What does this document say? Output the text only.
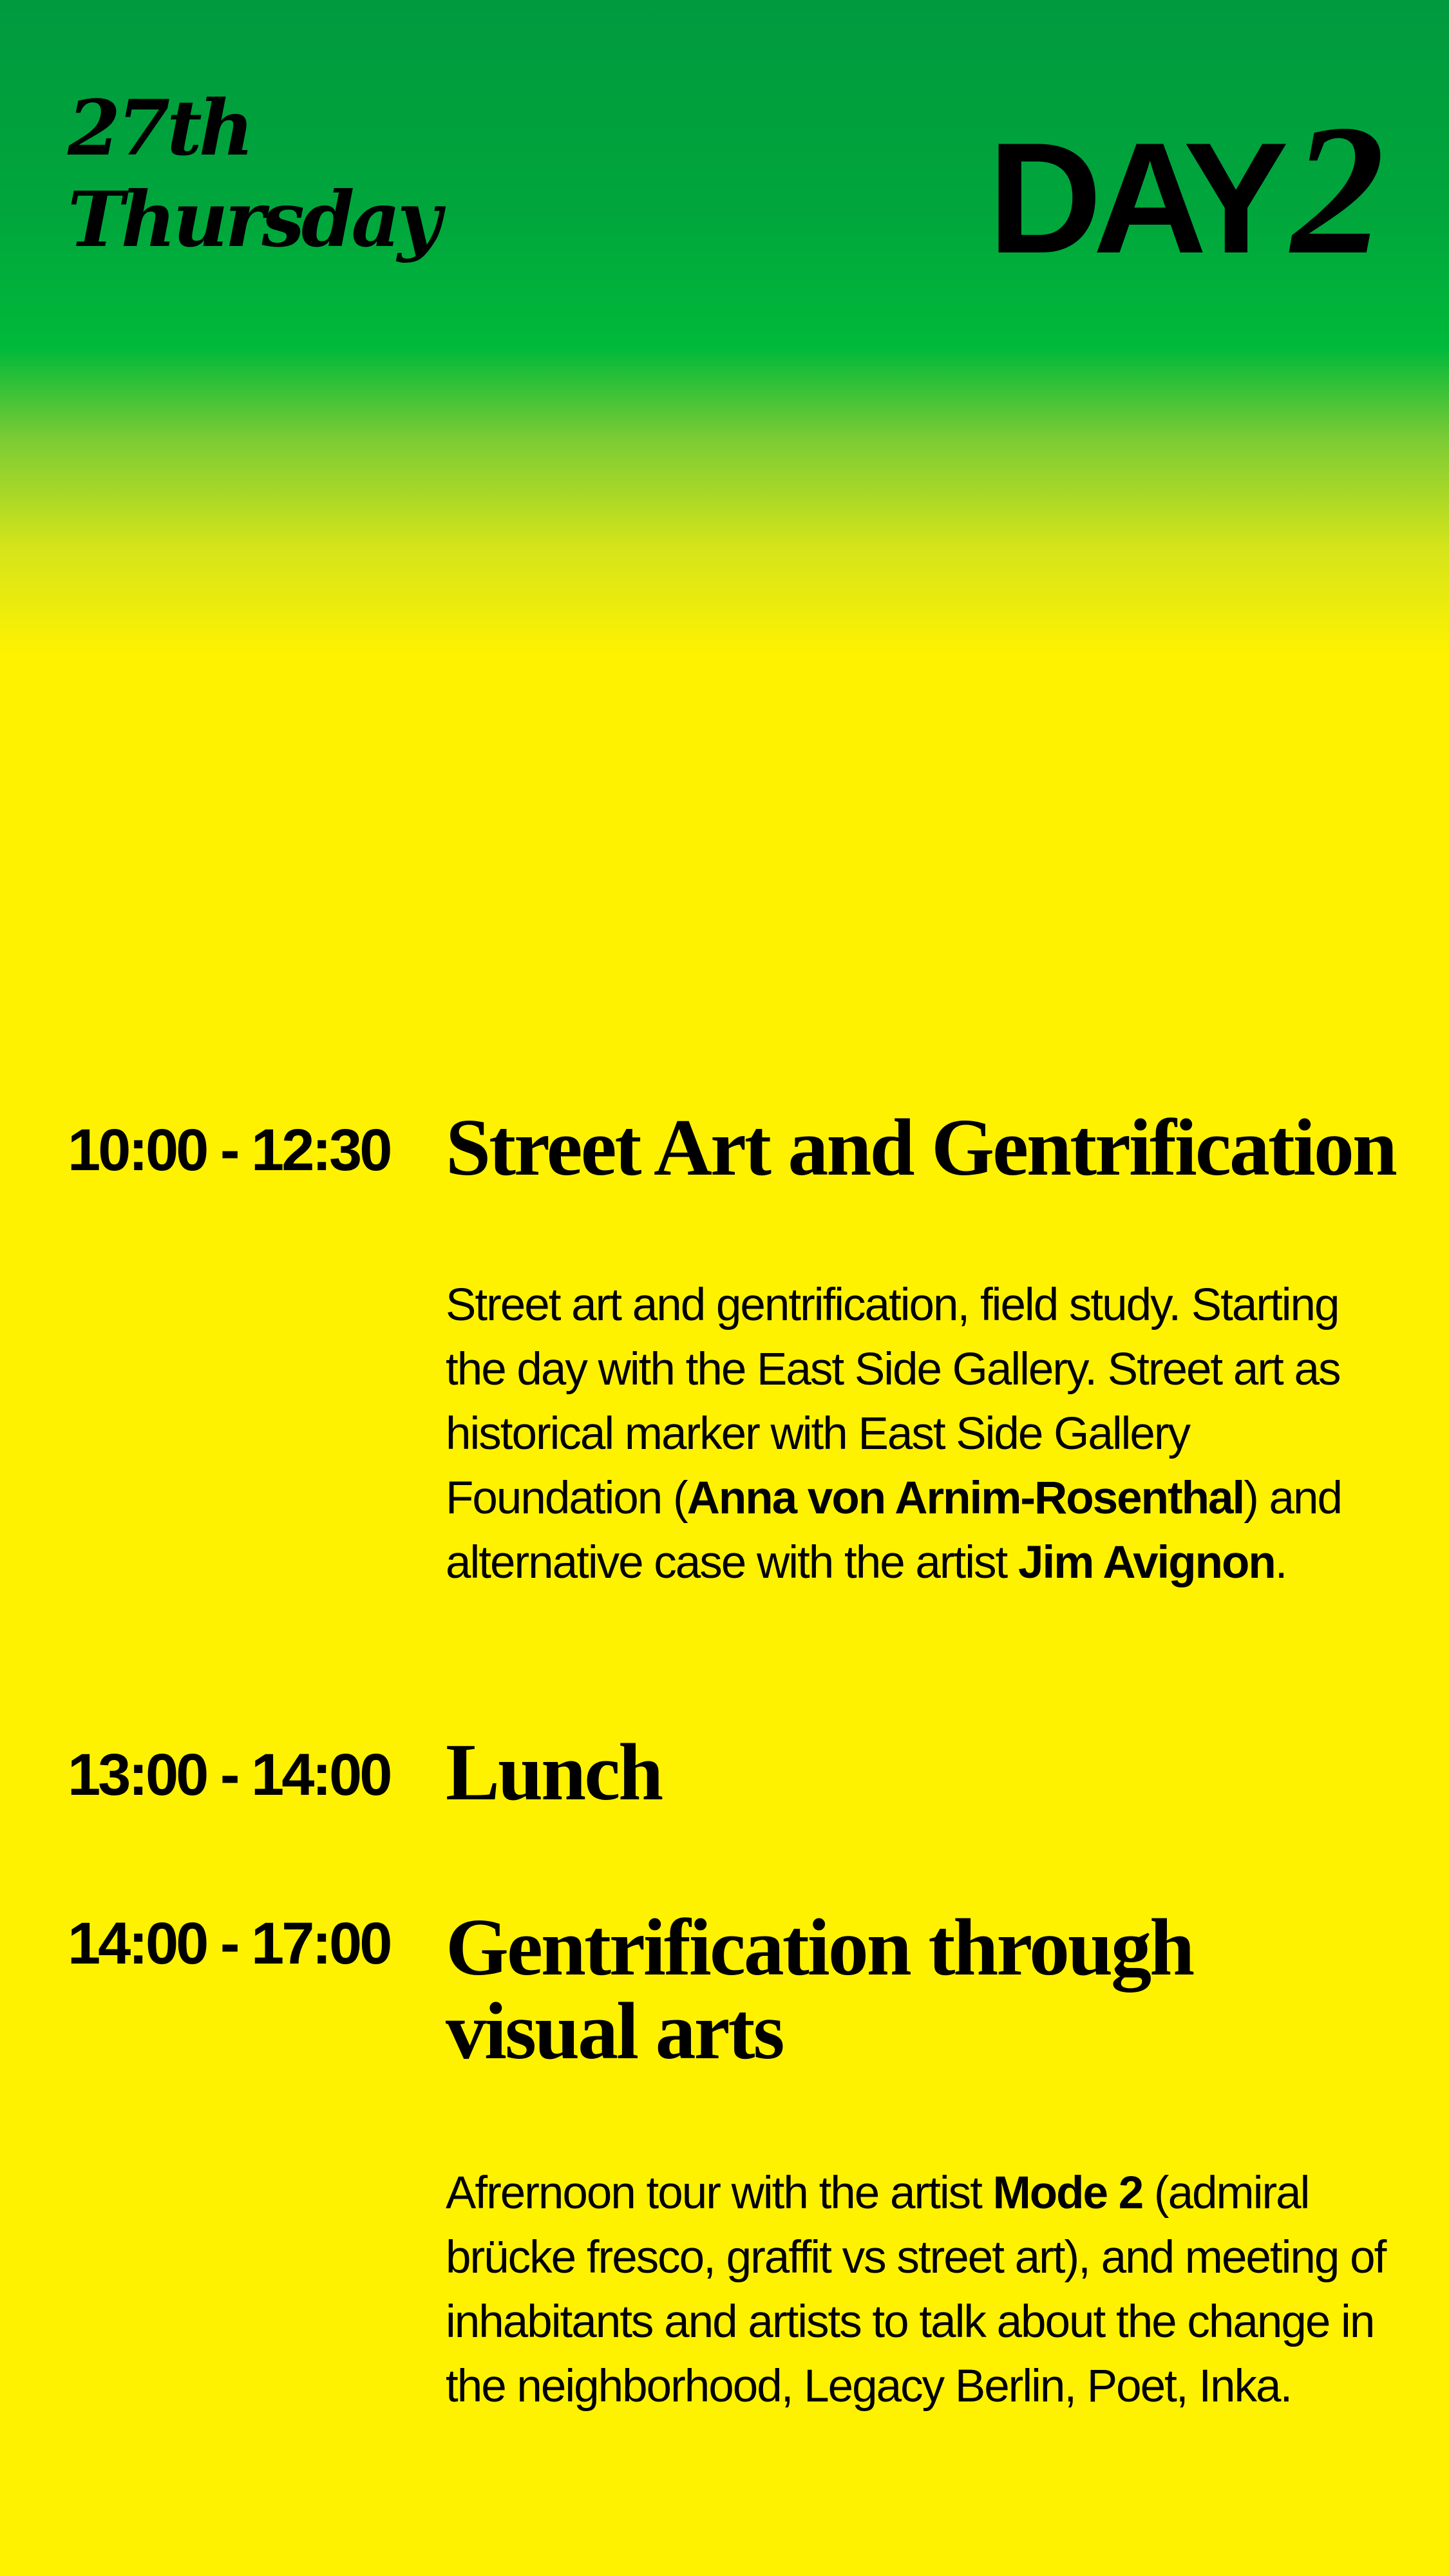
27th
Thursday	DAY2
10:00 - 12:30 Street Art and Gentrification
Street art and gentrification, field study. Starting the day with the East Side Gallery. Street art as historical marker with East Side Gallery Foundation (Anna von Arnim-Rosenthal) and alternative case with the artist Jim Avignon.
13:00 - 14:00 Lunch
14:00 - 17:00 Gentrification through visual arts
Afrernoon tour with the artist Mode 2 (admiral brücke fresco, graffit vs street art), and meeting of inhabitants and artists to talk about the change in the neighborhood, Legacy Berlin, Poet, Inka.
